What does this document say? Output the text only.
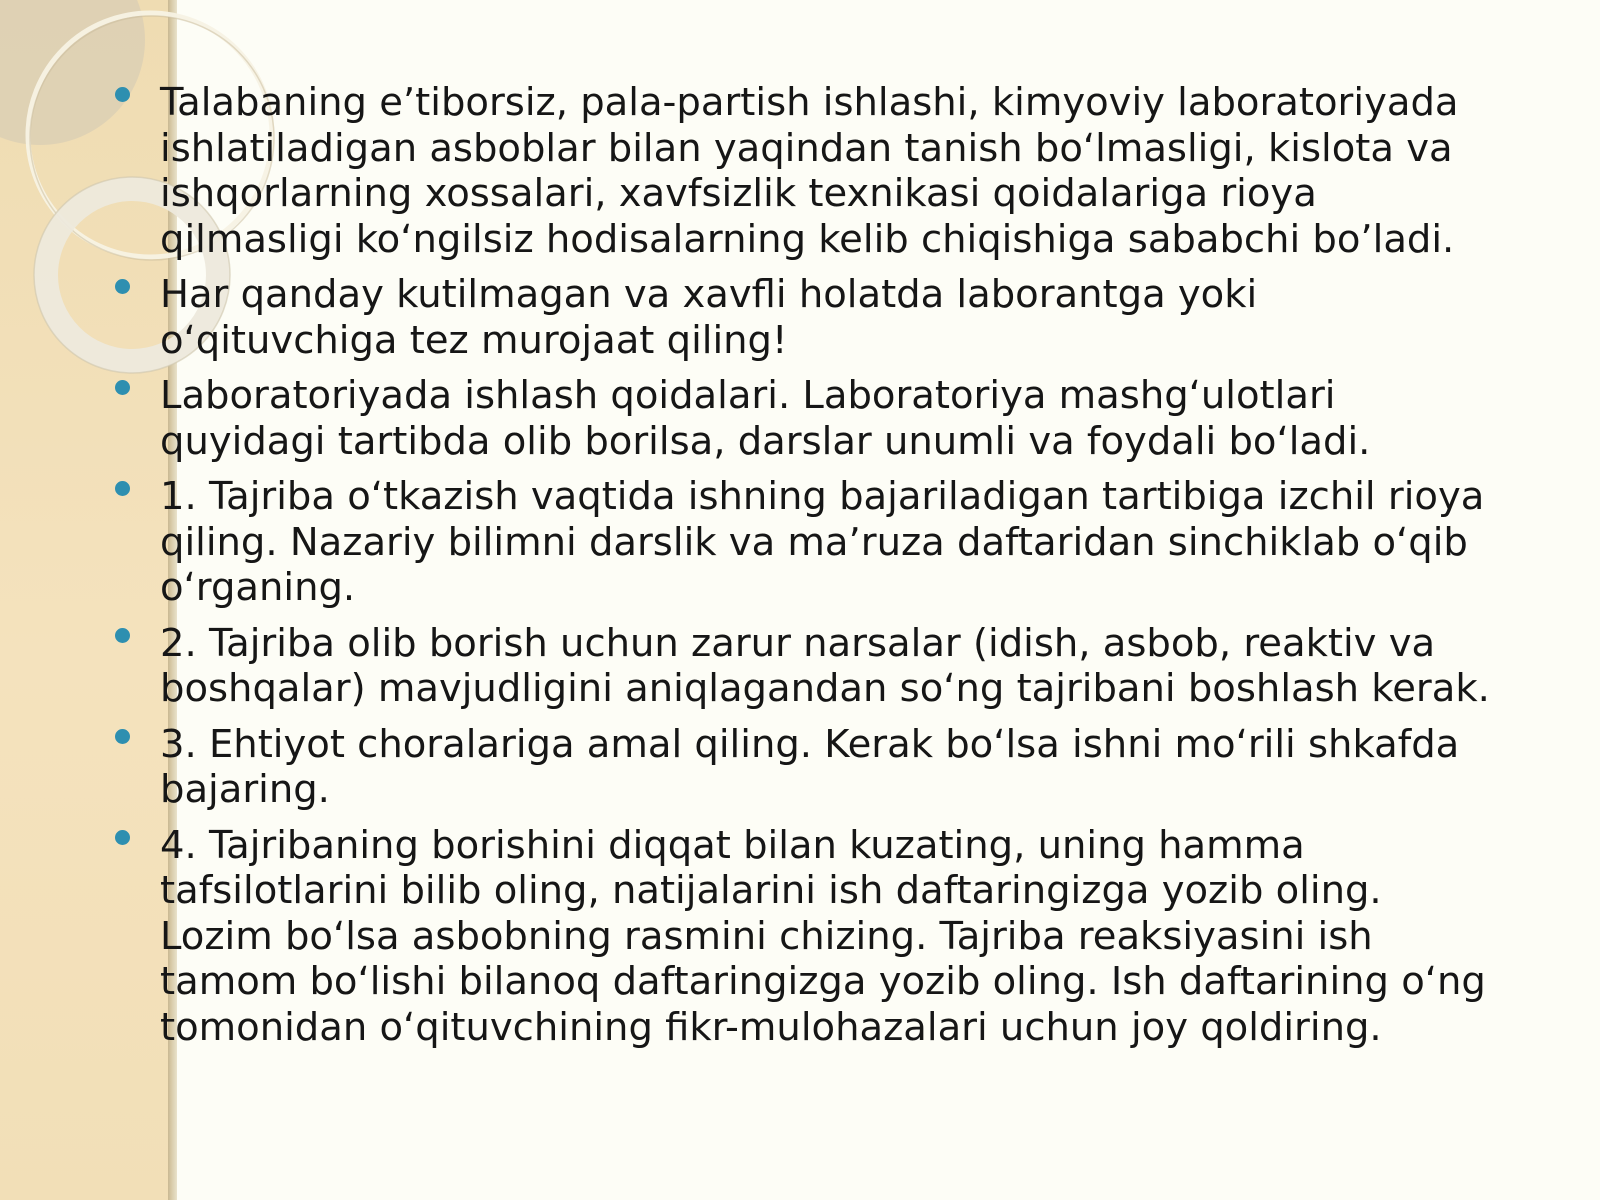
Talabaning e’tiborsiz, pala-partish ishlashi, kimyoviy laboratoriyada ishlatiladigan asboblar bilan yaqindan tanish boʻlmasligi, kislota va ishqorlarning xossalari, xavfsizlik texnikasi qoidalariga rioya qilmasligi koʻngilsiz hodisalarning kelib chiqishiga sababchi bo’ladi.
Har qanday kutilmagan va xavfli holatda laborantga yoki oʻqituvchiga tez murojaat qiling!
Laboratoriyada ishlash qoidalari. Laboratoriya mashgʻulotlari quyidagi tartibda olib borilsa, darslar unumli va foydali boʻladi.
1. Tajriba oʻtkazish vaqtida ishning bajariladigan tartibiga izchil rioya qiling. Nazariy bilimni darslik va ma’ruza daftaridan sinchiklab oʻqib oʻrganing.
2. Tajriba olib borish uchun zarur narsalar (idish, asbob, reaktiv va boshqalar) mavjudligini aniqlagandan soʻng tajribani boshlash kerak.
3. Ehtiyot choralariga amal qiling. Kerak boʻlsa ishni moʻrili shkafda bajaring.
4. Tajribaning borishini diqqat bilan kuzating, uning hamma tafsilotlarini bilib oling, natijalarini ish daftaringizga yozib oling. Lozim boʻlsa asbobning rasmini chizing. Tajriba reaksiyasini ish tamom boʻlishi bilanoq daftaringizga yozib oling. Ish daftarining oʻng tomonidan oʻqituvchining fikr-mulohazalari uchun joy qoldiring.
